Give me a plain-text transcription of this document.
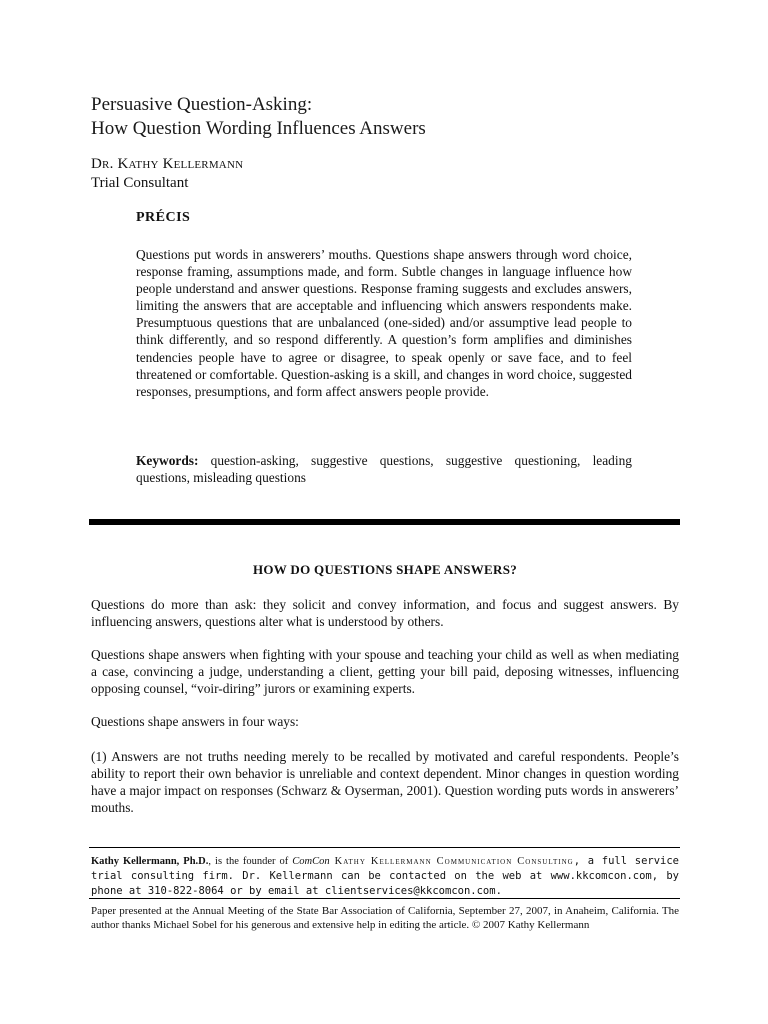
Persuasive Question-Asking:
How Question Wording Influences Answers
Dr. Kathy Kellermann
Trial Consultant
PRÉCIS
Questions put words in answerers’ mouths. Questions shape answers through word choice, response framing, assumptions made, and form. Subtle changes in language influence how people understand and answer questions. Response framing suggests and excludes answers, limiting the answers that are acceptable and influencing which answers respondents make. Presumptuous questions that are unbalanced (one-sided) and/or assumptive lead people to think differently, and so respond differently. A question’s form amplifies and diminishes tendencies people have to agree or disagree, to speak openly or save face, and to feel threatened or comfortable. Question-asking is a skill, and changes in word choice, suggested responses, presumptions, and form affect answers people provide.
Keywords: question-asking, suggestive questions, suggestive questioning, leading questions, misleading questions
HOW DO QUESTIONS SHAPE ANSWERS?
Questions do more than ask: they solicit and convey information, and focus and suggest answers. By influencing answers, questions alter what is understood by others.
Questions shape answers when fighting with your spouse and teaching your child as well as when mediating a case, convincing a judge, understanding a client, getting your bill paid, deposing witnesses, influencing opposing counsel, “voir-diring” jurors or examining experts.
Questions shape answers in four ways:
(1) Answers are not truths needing merely to be recalled by motivated and careful respondents. People’s ability to report their own behavior is unreliable and context dependent. Minor changes in question wording have a major impact on responses (Schwarz & Oyserman, 2001). Question wording puts words in answerers’ mouths.
Kathy Kellermann, Ph.D., is the founder of ComCon Kathy Kellermann Communication Consulting, a full service trial consulting firm. Dr. Kellermann can be contacted on the web at www.kkcomcon.com, by phone at 310-822-8064 or by email at clientservices@kkcomcon.com.
Paper presented at the Annual Meeting of the State Bar Association of California, September 27, 2007, in Anaheim, California. The author thanks Michael Sobel for his generous and extensive help in editing the article. © 2007 Kathy Kellermann
